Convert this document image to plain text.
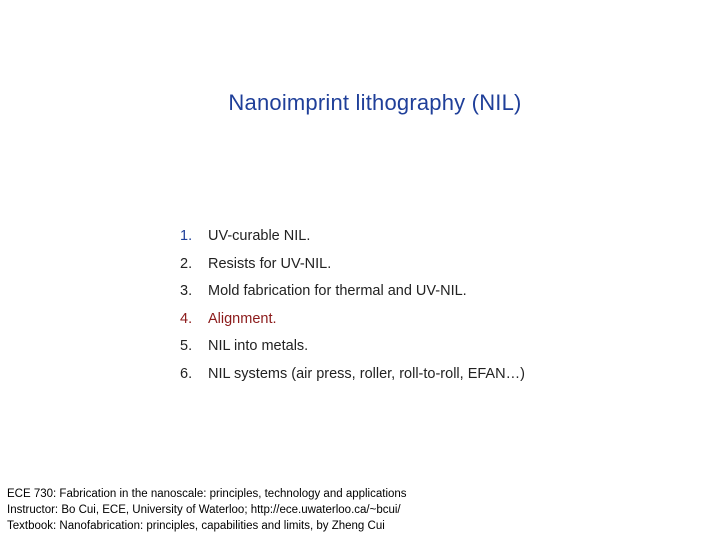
Nanoimprint lithography (NIL)
1.	UV-curable NIL.
2.	Resists for UV-NIL.
3.	Mold fabrication for thermal and UV-NIL.
4.	Alignment.
5.	NIL into metals.
6.	NIL systems (air press, roller, roll-to-roll, EFAN…)
ECE 730: Fabrication in the nanoscale: principles, technology and applications
Instructor: Bo Cui, ECE, University of Waterloo; http://ece.uwaterloo.ca/~bcui/
Textbook: Nanofabrication: principles, capabilities and limits, by Zheng Cui
